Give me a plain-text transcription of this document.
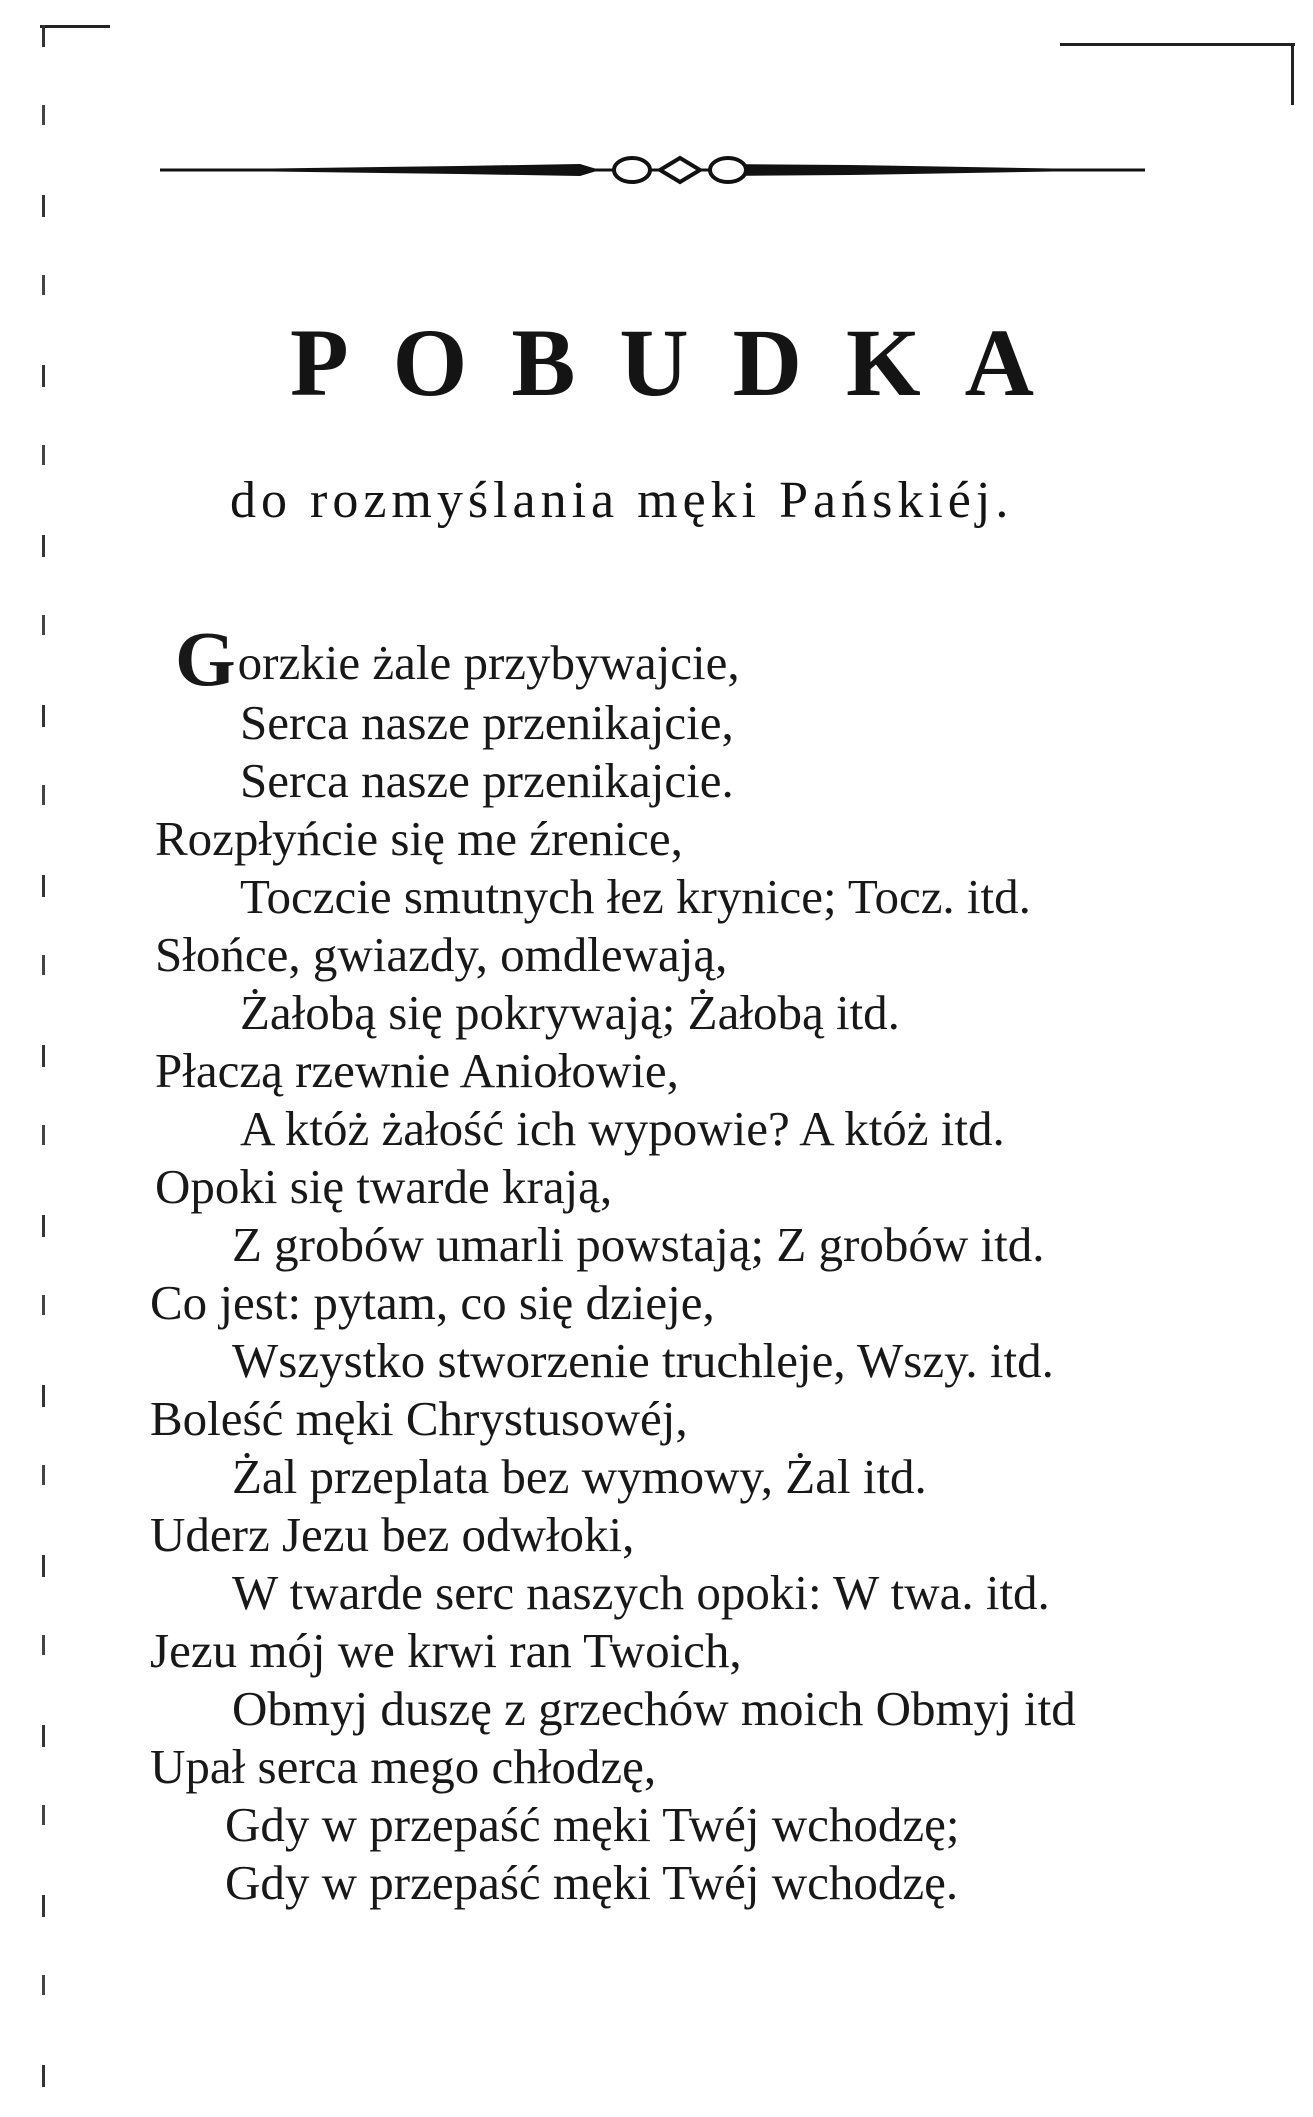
POBUDKA
do rozmyślania męki Pańskiéj.
Gorzkie żale przybywajcie,
Serca nasze przenikajcie,
Serca nasze przenikajcie.
Rozpłyńcie się me źrenice,
Toczcie smutnych łez krynice; Tocz. itd.
Słońce, gwiazdy, omdlewają,
Żałobą się pokrywają; Żałobą itd.
Płaczą rzewnie Aniołowie,
A któż żałość ich wypowie? A któż itd.
Opoki się twarde krają,
Z grobów umarli powstają; Z grobów itd.
Co jest: pytam, co się dzieje,
Wszystko stworzenie truchleje, Wszy. itd.
Boleść męki Chrystusowéj,
Żal przeplata bez wymowy, Żal itd.
Uderz Jezu bez odwłoki,
W twarde serc naszych opoki: W twa. itd.
Jezu mój we krwi ran Twoich,
Obmyj duszę z grzechów moich Obmyj itd
Upał serca mego chłodzę,
Gdy w przepaść męki Twéj wchodzę;
Gdy w przepaść męki Twéj wchodzę.
